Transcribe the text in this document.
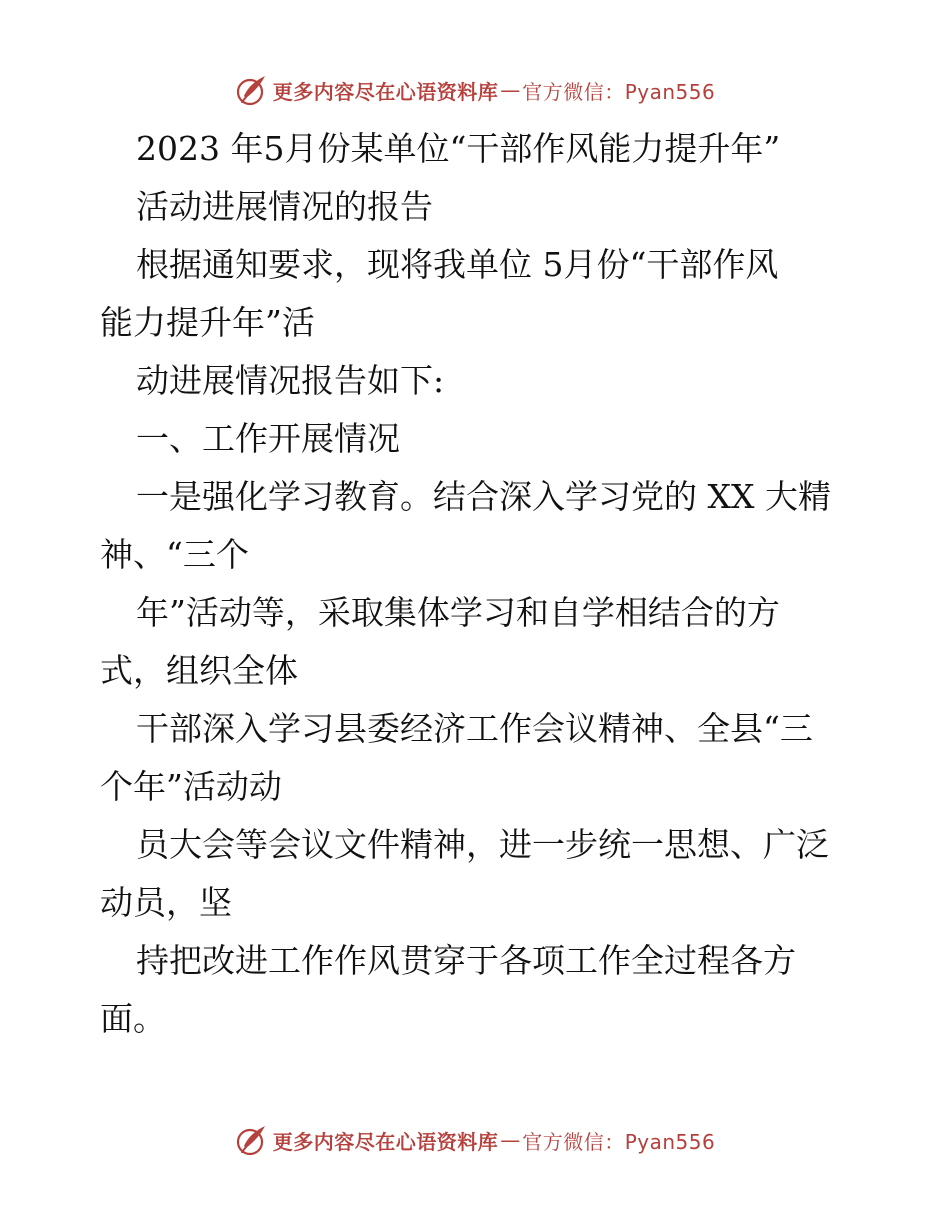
更多内容尽在心语资料库 — 官方微信：Pyan556
2023 年5月份某单位“干部作风能力提升年”
活动进展情况的报告
根据通知要求，现将我单位 5月份“干部作风
能力提升年”活
动进展情况报告如下:
一、工作开展情况
一是强化学习教育。结合深入学习党的 XX 大精
神、“三个
年”活动等，采取集体学习和自学相结合的方
式，组织全体
干部深入学习县委经济工作会议精神、全县“三
个年”活动动
员大会等会议文件精神，进一步统一思想、广泛
动员，坚
持把改进工作作风贯穿于各项工作全过程各方
面。
更多内容尽在心语资料库 — 官方微信：Pyan556
